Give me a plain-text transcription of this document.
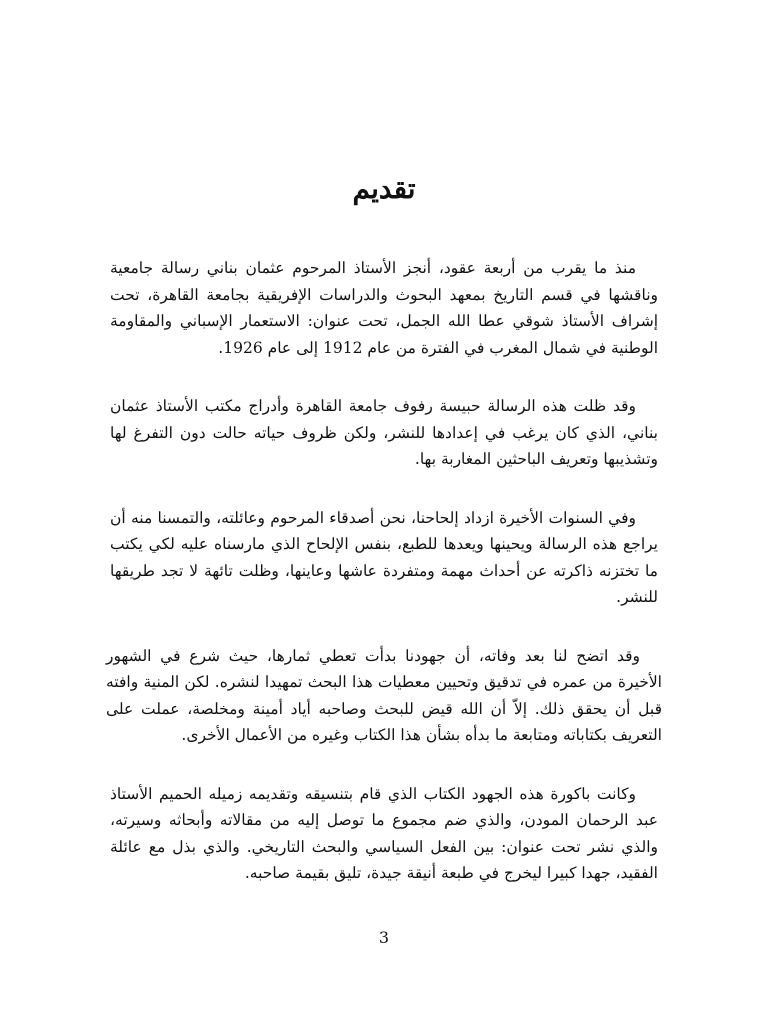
تقديم

منذ ما يقرب من أربعة عقود، أنجز الأستاذ المرحوم عثمان بناني رسالة جامعية وناقشها في قسم التاريخ بمعهد البحوث والدراسات الإفريقية بجامعة القاهرة، تحت إشراف الأستاذ شوقي عطا الله الجمل، تحت عنوان: الاستعمار الإسباني والمقاومة الوطنية في شمال المغرب في الفترة من عام 1912 إلى عام 1926.

وقد ظلت هذه الرسالة حبيسة رفوف جامعة القاهرة وأدراج مكتب الأستاذ عثمان بناني، الذي كان يرغب في إعدادها للنشر، ولكن ظروف حياته حالت دون التفرغ لها وتشذيبها وتعريف الباحثين المغاربة بها.

وفي السنوات الأخيرة ازداد إلحاحنا، نحن أصدقاء المرحوم وعائلته، والتمسنا منه أن يراجع هذه الرسالة ويحينها ويعدها للطبع، بنفس الإلحاح الذي مارسناه عليه لكي يكتب ما تختزنه ذاكرته عن أحداث مهمة ومتفردة عاشها وعاينها، وظلت تائهة لا تجد طريقها للنشر.

وقد اتضح لنا بعد وفاته، أن جهودنا بدأت تعطي ثمارها، حيث شرع في الشهور الأخيرة من عمره في تدقيق وتحيين معطيات هذا البحث تمهيدا لنشره. لكن المنية وافته قبل أن يحقق ذلك. إلاّ أن الله قيض للبحث وصاحبه أياد أمينة ومخلصة، عملت على التعريف بكتاباته ومتابعة ما بدأه بشأن هذا الكتاب وغيره من الأعمال الأخرى.

وكانت باكورة هذه الجهود الكتاب الذي قام بتنسيقه وتقديمه زميله الحميم الأستاذ عبد الرحمان المودن، والذي ضم مجموع ما توصل إليه من مقالاته وأبحاثه وسيرته، والذي نشر تحت عنوان: بين الفعل السياسي والبحث التاريخي. والذي بذل مع عائلة الفقيد، جهدا كبيرا ليخرج في طبعة أنيقة جيدة، تليق بقيمة صاحبه.

3
